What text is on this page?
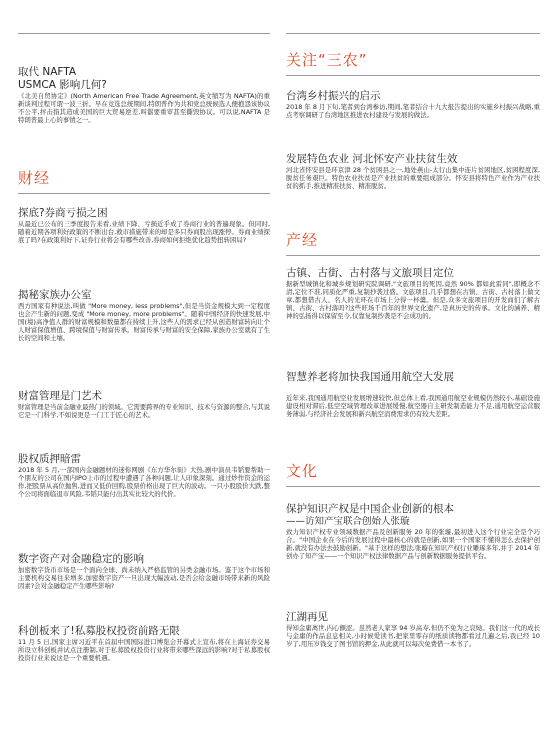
取代 NAFTA
USMCA 影响几何?
《北美自贸协定》(North American Free Trade Agreement,英文缩写为 NAFTA)的重新谈判过程可谓一波三折。早在竞选总统期间,特朗普作为共和党总统候选人便抱怨该协议不公平,抨击指其造成美国的巨大贸易逆差,叫嚣要重审甚至撕毁协议。可以说,NAFTA 是特朗普最上心的事情之一。
财经
探底?券商亏损之困
从最近已公布的三季度报告来看,业绩下降、亏损近乎成了券商行业的普遍现象。但同时,随着近期各项利好政策的不断出台,救市措施带来的却是多只券商股出现涨停。券商业绩探底了吗?在政策利好下,证券行业将会有哪些改善,券商如何拒绝优化趋势扭转困局?
揭秘家族办公室
西方国家有种说法,叫做 "More money, less problems",但是当资金规模大到一定程度也会产生新的问题,变成 "More money, more problems"。随着中国经济的快速发展,中国(境)高净值人群的财富规模和数量都在持续上升,这些人的需求已经从创造财富转向让个人财富保值增值、跨境保值与财富传承。财富传承与财富的安全保障,家族办公室就有了生长的空间和土壤。
财富管理是门艺术
财富管理是当前金融业最热门的领域。它需要跨界的专业知识、技术与资源的整合,与其说它是一门科学,不如说更是一门工于匠心的艺术。
股权质押暗雷
2018 年 5 月,一部国内金融题材的迷你网剧《东方华尔街》大热,剧中演员韦韬要帮助一个朋友的公司在国内IPO上市的过程中遭遇了各种问题,让人印象深刻。通过炒作资金的运作,把股票从高位抛售,进而又低价回购,股票价格出现了巨大的波动。一只小股股价大跌,整个公司将面临退市风险,韦韬只能付出其实比较大的代价。
数字资产对金融稳定的影响
加密数字货币市场是一个面向全球、尚未纳入严格监管的另类金融市场。鉴于这个市场和主要机构交易往来增多,加密数字资产一旦出现大幅波动,是否会给金融市场带来新的风险因素?会对金融稳定产生哪些影响?
科创板来了!私募股权投资前路无限
11 月 5 日,国家主席习近平在首届中国国际进口博览会开幕式上宣布,将在上海证券交易所设立科创板并试点注册制,对于私募股权投资行业将带来哪些深远的影响?对于私募股权投资行业来说这是一个重要机遇。
关注“三农”
台湾乡村振兴的启示
2018 年 8 月下旬,笔者到台湾参访,期间,笔者结合十九大报告提出的实施乡村振兴战略,重点考察调研了台湾地区推进农村建设与发展的做法。
发展特色农业 河北怀安产业扶贫生效
河北省怀安县是环京津 28 个贫困县之一,地处燕山-太行山集中连片贫困地区,贫困程度深,脱贫任务艰巨。特色农业扶贫是产业扶贫的重要组成部分。怀安县将特色产业作为产业扶贫的抓手,推进精准扶贫、精准脱贫。
产经
古镇、古街、古村落与文旅项目定位
据新型城镇化和城乡规划研究院调研,"文旅项目的死因,竟然 90% 都如此雷同",即概念不清,定位不准,同质化严重,复制抄袭过盛。文旅项目,几乎都想在古镇、古街、古村落上做文章,都想借古人、名人的光环在市场上分得一杯羹。但是,众多文旅项目的开发商们了解古镇、古街、古村落吗?这些旺场千百年的世界文化遗产,是真历史的传承。文化的涵养、精神的弘扬得以保留至今,仅靠复制抄袭是不会成功的。
智慧养老将加快我国通用航空大发展
近年来,我国通用航空业发展增速较快,但总体上看,我国通用航空业规模仍然较小,基础设施建设相对滞后,低空空域管理改革进展缓慢,航空器自主研发制造能力不足,通用航空运营服务薄弱,与经济社会发展和新兴航空消费需求仍有较大差距。
文化
保护知识产权是中国企业创新的根本
——访知产宝联合创始人张璇
致力知识产权专业领域数据产品及创新服务 20 年的张璇,最初进入这个行业完全是个巧合。"中国企业在今后的发展过程中最核心的就是创新,如果一个国家不懂得怎么去保护创新,就没有办法去鼓励创新。"基于这样的想法,张璇在知识产权行业雕琢多年,并于 2014 年创办了知产宝——一个知识产权法律数据产品与创新数据服务提供平台。
江湖再见
得知金庸离世,内心颤涩。虽然老人家享 94 岁高寿,但仍不免为之哀恸。我们这一代的成长与金庸的作品息息相关,小时候爱读书,把家里零存的纸质读物都看过几遍之后,我已经 10 岁了,用压岁钱交了图书馆的押金,从此就可以每次免费借一本书了。
